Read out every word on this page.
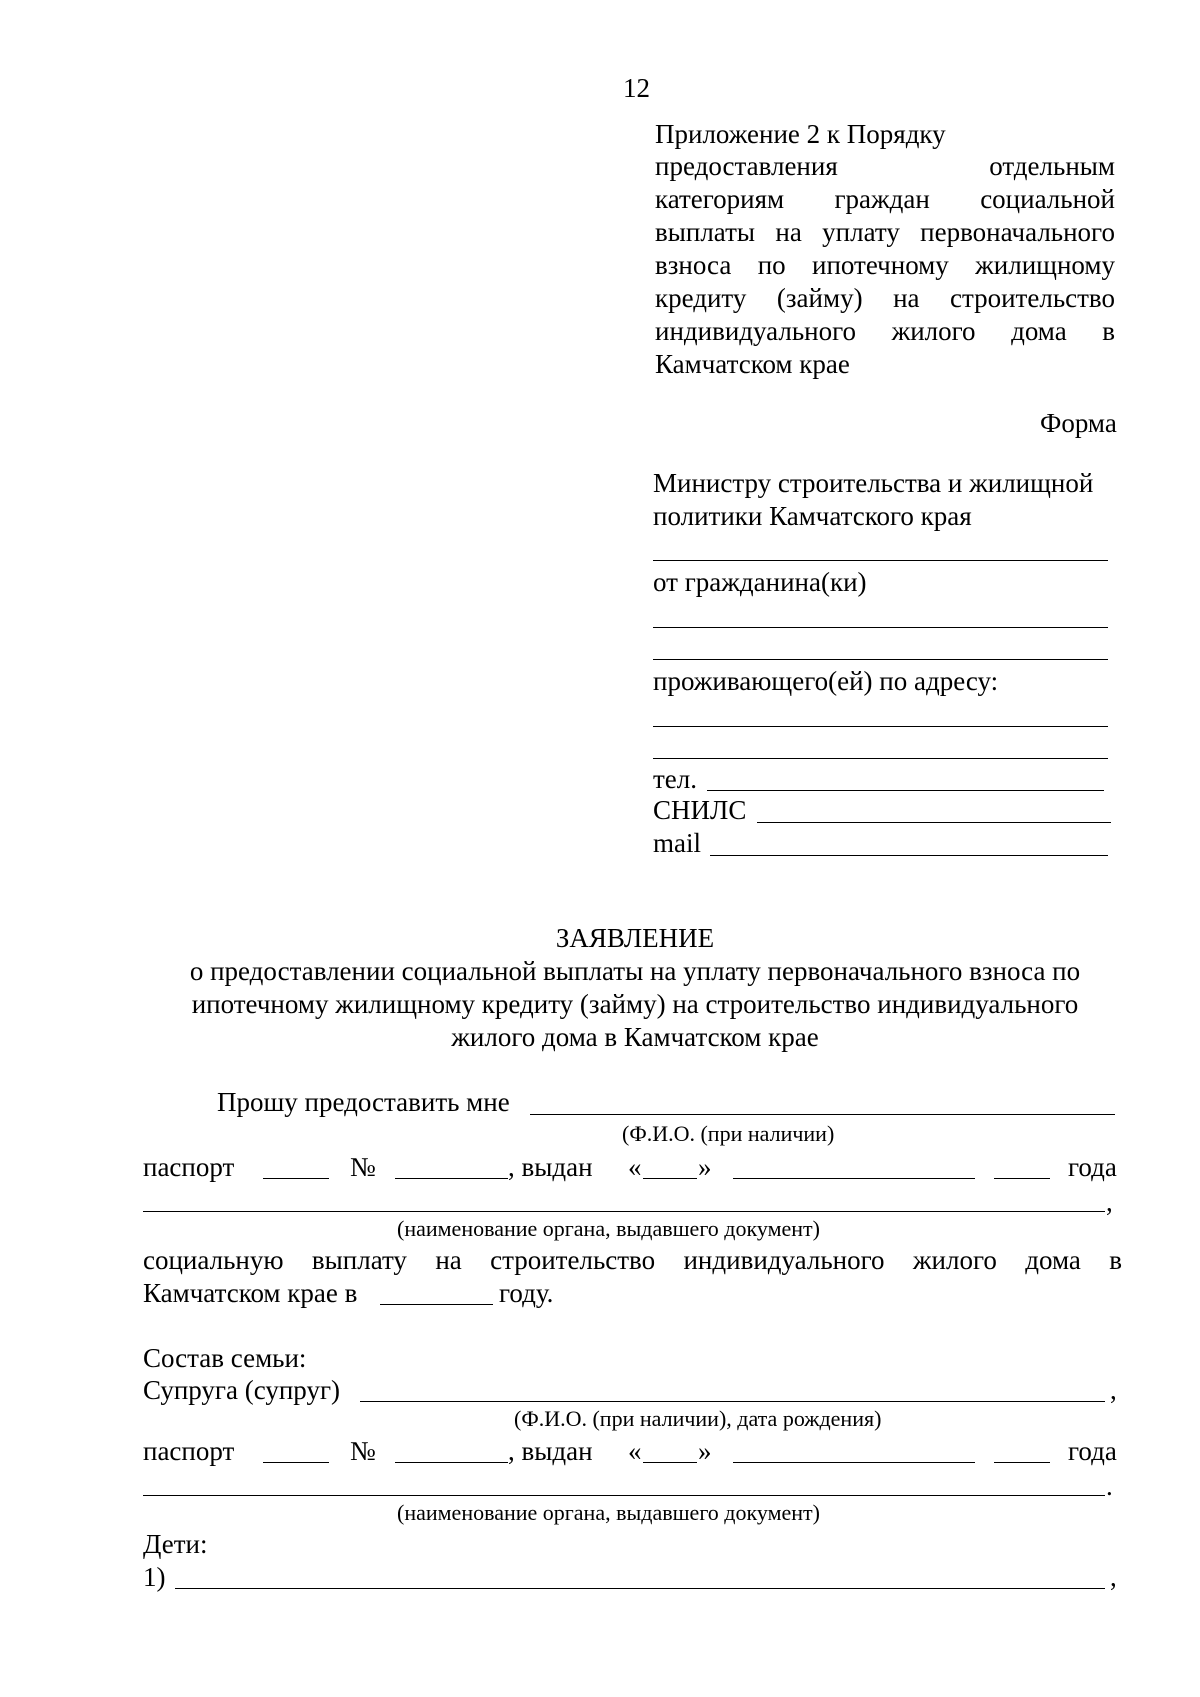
12
Приложение 2 к Порядку
предоставления	отдельным
категориям граждан социальной
выплаты на уплату первоначального
взноса по ипотечному жилищному
кредиту (займу) на строительство
индивидуального жилого дома в
Камчатском крае
Форма
Министру строительства и жилищной
политики Камчатского края
от гражданина(ки)
проживающего(ей) по адресу:
тел.
СНИЛС
mail
ЗАЯВЛЕНИЕ
о предоставлении социальной выплаты на уплату первоначального взноса по
ипотечному жилищному кредиту (займу) на строительство индивидуального
жилого дома в Камчатском крае
Прошу предоставить мне
(Ф.И.О. (при наличии)
паспорт	№	, выдан « »	года
,
(наименование органа, выдавшего документ)
социальную выплату на строительство индивидуального жилого дома в
Камчатском крае в	году.
Состав семьи:
Супруга (супруг)	,
(Ф.И.О. (при наличии), дата рождения)
паспорт	№	, выдан « »	года
.
(наименование органа, выдавшего документ)
Дети:
1)	,
